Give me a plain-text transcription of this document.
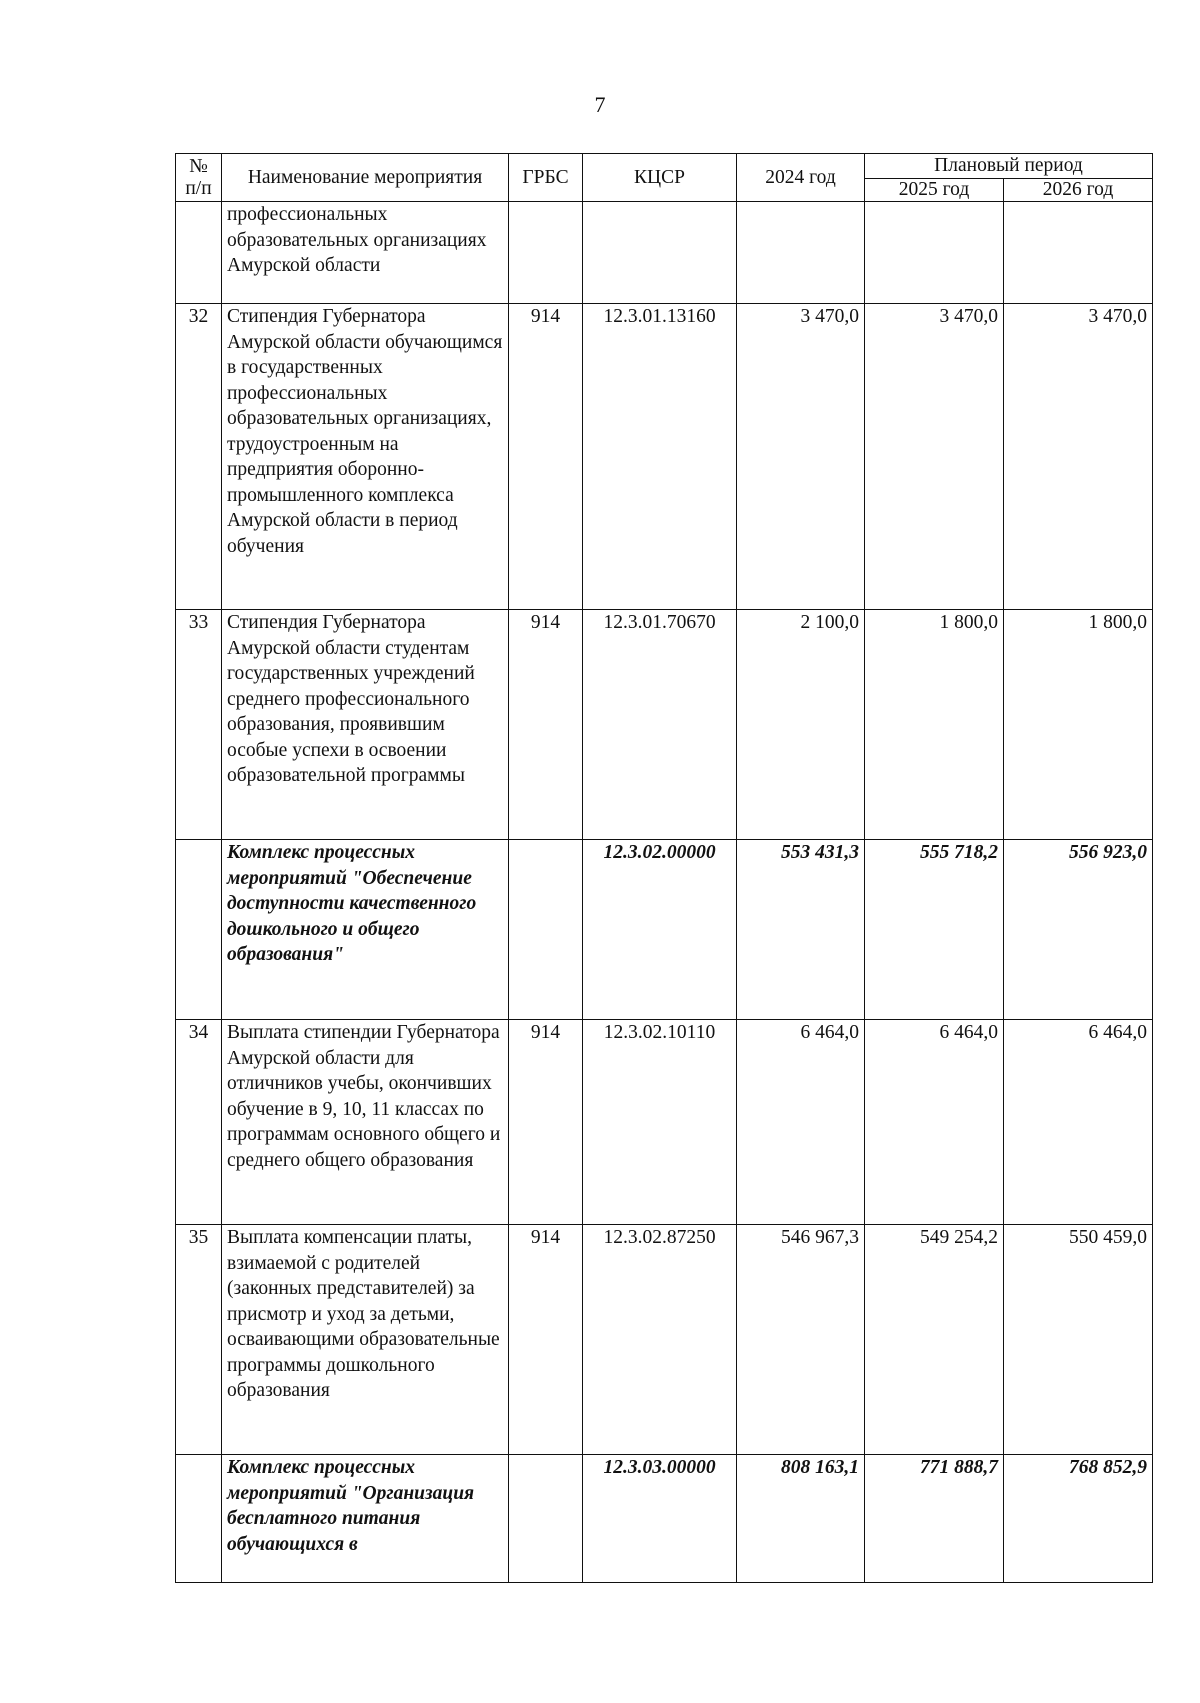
7
№ п/п	Наименование мероприятия	ГРБС	КЦСР	2024 год	Плановый период	
					2025 год	2026 год
	профессиональных образовательных организациях Амурской области					
32	Стипендия Губернатора Амурской области обучающимся в государственных профессиональных образовательных организациях, трудоустроенным на предприятия оборонно-промышленного комплекса Амурской области в период обучения	914	12.3.01.13160	3 470,0	3 470,0	3 470,0
33	Стипендия Губернатора Амурской области студентам государственных учреждений среднего профессионального образования, проявившим особые успехи в освоении образовательной программы	914	12.3.01.70670	2 100,0	1 800,0	1 800,0
	Комплекс процессных мероприятий "Обеспечение доступности качественного дошкольного и общего образования"		12.3.02.00000	553 431,3	555 718,2	556 923,0
34	Выплата стипендии Губернатора Амурской области для отличников учебы, окончивших обучение в 9, 10, 11 классах по программам основного общего и среднего общего образования	914	12.3.02.10110	6 464,0	6 464,0	6 464,0
35	Выплата компенсации платы, взимаемой с родителей (законных представителей) за присмотр и уход за детьми, осваивающими образовательные программы дошкольного образования	914	12.3.02.87250	546 967,3	549 254,2	550 459,0
	Комплекс процессных мероприятий "Организация бесплатного питания обучающихся в		12.3.03.00000	808 163,1	771 888,7	768 852,9
